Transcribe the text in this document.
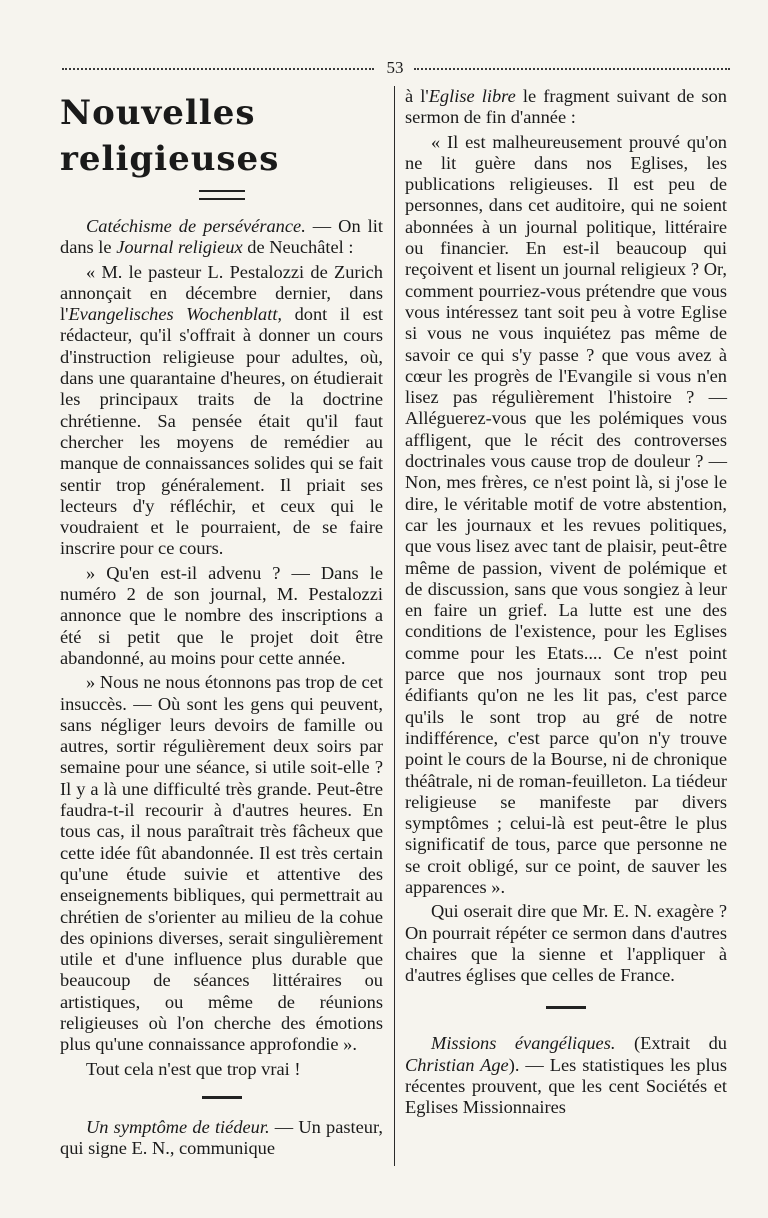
53
Nouvelles religieuses

Catéchisme de persévérance. — On lit dans le Journal religieux de Neuchâtel :

« M. le pasteur L. Pestalozzi de Zurich annonçait en décembre dernier, dans l'Evangelisches Wochenblatt, dont il est rédacteur, qu'il s'offrait à donner un cours d'instruction religieuse pour adultes, où, dans une quarantaine d'heures, on étudierait les principaux traits de la doctrine chrétienne. Sa pensée était qu'il faut chercher les moyens de remédier au manque de connaissances solides qui se fait sentir trop généralement. Il priait ses lecteurs d'y réfléchir, et ceux qui le voudraient et le pourraient, de se faire inscrire pour ce cours.

» Qu'en est-il advenu ? — Dans le numéro 2 de son journal, M. Pestalozzi annonce que le nombre des inscriptions a été si petit que le projet doit être abandonné, au moins pour cette année.

» Nous ne nous étonnons pas trop de cet insuccès. — Où sont les gens qui peuvent, sans négliger leurs devoirs de famille ou autres, sortir régulièrement deux soirs par semaine pour une séance, si utile soit-elle ? Il y a là une difficulté très grande. Peut-être faudra-t-il recourir à d'autres heures. En tous cas, il nous paraîtrait très fâcheux que cette idée fût abandonnée. Il est très certain qu'une étude suivie et attentive des enseignements bibliques, qui permettrait au chrétien de s'orienter au milieu de la cohue des opinions diverses, serait singulièrement utile et d'une influence plus durable que beaucoup de séances littéraires ou artistiques, ou même de réunions religieuses où l'on cherche des émotions plus qu'une connaissance approfondie ».

Tout cela n'est que trop vrai !

Un symptôme de tiédeur. — Un pasteur, qui signe E. N., communique

à l'Eglise libre le fragment suivant de son sermon de fin d'année :

« Il est malheureusement prouvé qu'on ne lit guère dans nos Eglises, les publications religieuses. Il est peu de personnes, dans cet auditoire, qui ne soient abonnées à un journal politique, littéraire ou financier. En est-il beaucoup qui reçoivent et lisent un journal religieux ? Or, comment pourriez-vous prétendre que vous vous intéressez tant soit peu à votre Eglise si vous ne vous inquiétez pas même de savoir ce qui s'y passe ? que vous avez à cœur les progrès de l'Evangile si vous n'en lisez pas régulièrement l'histoire ? — Alléguerez-vous que les polémiques vous affligent, que le récit des controverses doctrinales vous cause trop de douleur ? — Non, mes frères, ce n'est point là, si j'ose le dire, le véritable motif de votre abstention, car les journaux et les revues politiques, que vous lisez avec tant de plaisir, peut-être même de passion, vivent de polémique et de discussion, sans que vous songiez à leur en faire un grief. La lutte est une des conditions de l'existence, pour les Eglises comme pour les Etats.... Ce n'est point parce que nos journaux sont trop peu édifiants qu'on ne les lit pas, c'est parce qu'ils le sont trop au gré de notre indifférence, c'est parce qu'on n'y trouve point le cours de la Bourse, ni de chronique théâtrale, ni de roman-feuilleton. La tiédeur religieuse se manifeste par divers symptômes ; celui-là est peut-être le plus significatif de tous, parce que personne ne se croit obligé, sur ce point, de sauver les apparences ».

Qui oserait dire que Mr. E. N. exagère ? On pourrait répéter ce sermon dans d'autres chaires que la sienne et l'appliquer à d'autres églises que celles de France.

Missions évangéliques. (Extrait du Christian Age). — Les statistiques les plus récentes prouvent, que les cent Sociétés et Eglises Missionnaires
